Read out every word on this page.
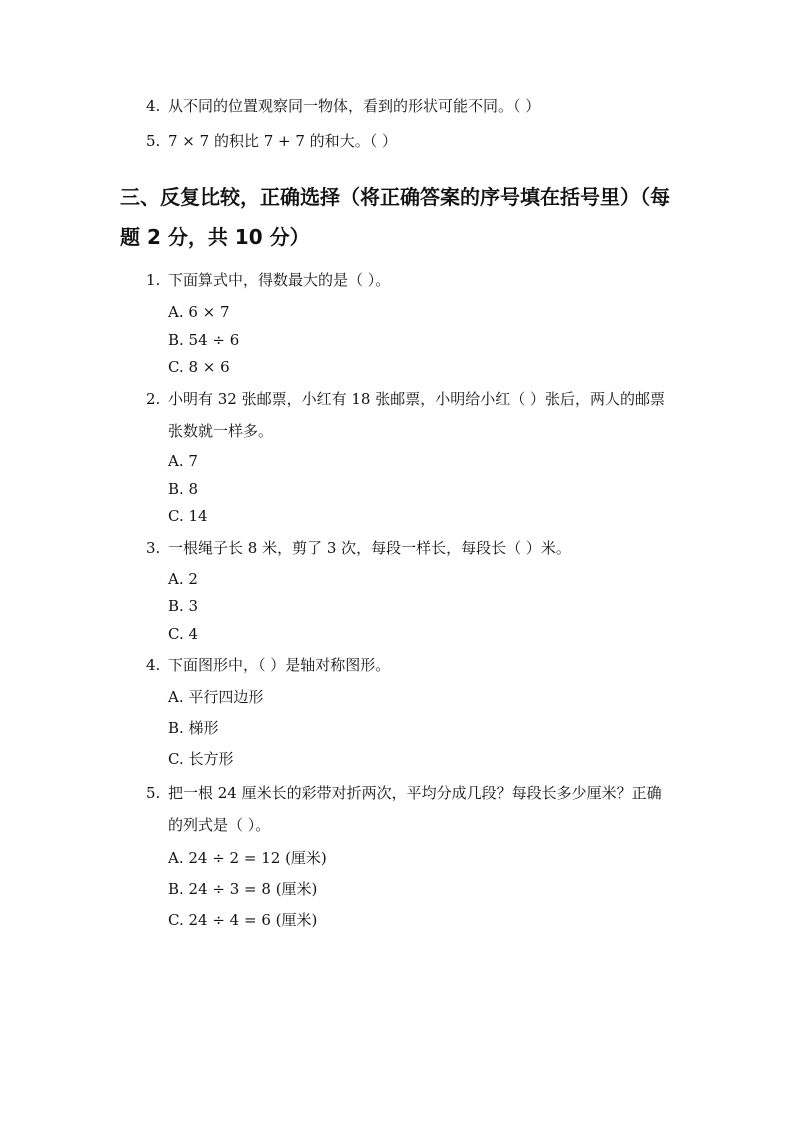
4. 从不同的位置观察同一物体，看到的形状可能不同。（ ）
5. 7 × 7 的积比 7 + 7 的和大。（ ）
三、反复比较，正确选择（将正确答案的序号填在括号里）（每题 2 分，共 10 分）
1. 下面算式中，得数最大的是（ ）。
A. 6 × 7
B. 54 ÷ 6
C. 8 × 6
2. 小明有 32 张邮票，小红有 18 张邮票，小明给小红（ ）张后，两人的邮票张数就一样多。
A. 7
B. 8
C. 14
3. 一根绳子长 8 米，剪了 3 次，每段一样长，每段长（ ）米。
A. 2
B. 3
C. 4
4. 下面图形中，（ ）是轴对称图形。
A. 平行四边形
B. 梯形
C. 长方形
5. 把一根 24 厘米长的彩带对折两次，平均分成几段？每段长多少厘米？正确的列式是（ ）。
A. 24 ÷ 2 = 12 (厘米)
B. 24 ÷ 3 = 8 (厘米)
C. 24 ÷ 4 = 6 (厘米)
